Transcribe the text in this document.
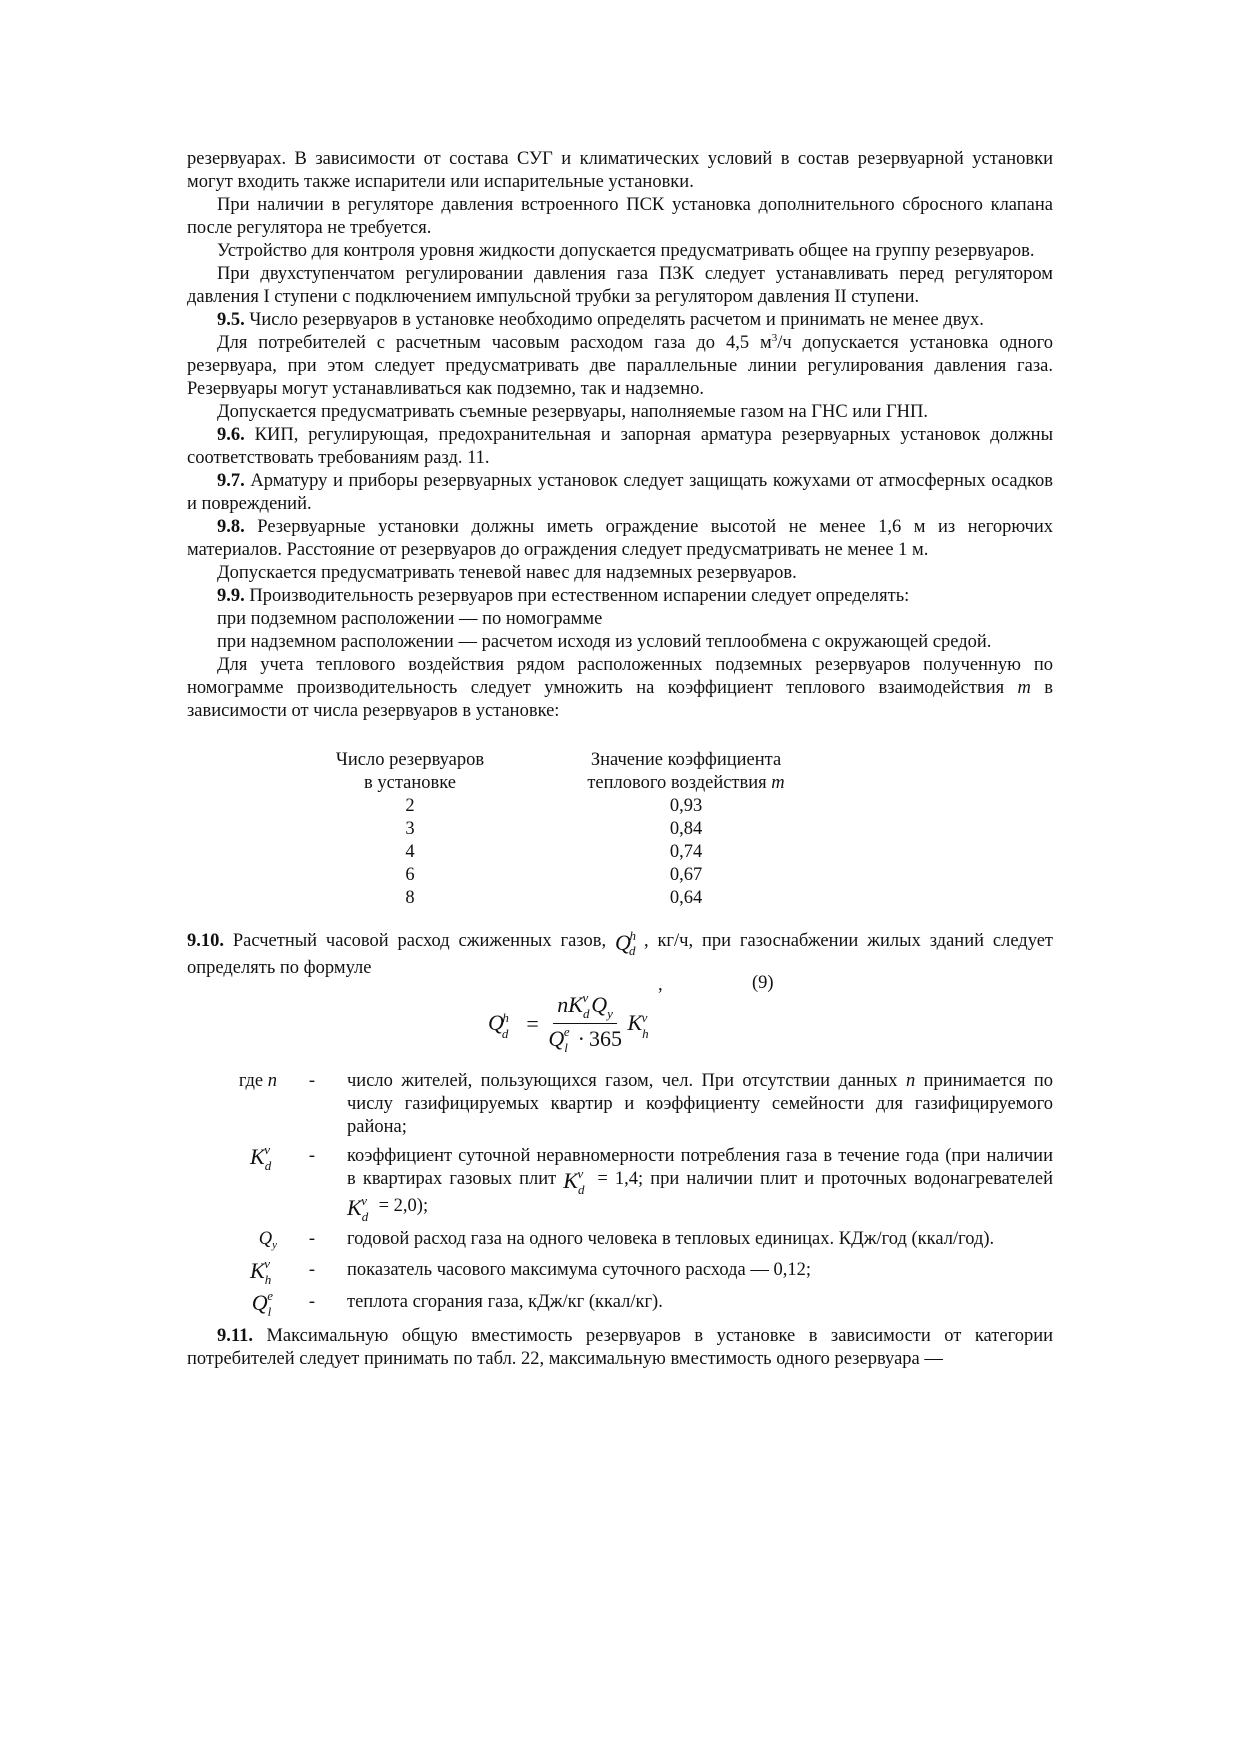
резервуарах. В зависимости от состава СУГ и климатических условий в состав резервуарной установки могут входить также испарители или испарительные установки.

При наличии в регуляторе давления встроенного ПСК установка дополнительного сбросного клапана после регулятора не требуется.

Устройство для контроля уровня жидкости допускается предусматривать общее на группу резервуаров.

При двухступенчатом регулировании давления газа ПЗК следует устанавливать перед регулятором давления I ступени с подключением импульсной трубки за регулятором давления II ступени.

9.5. Число резервуаров в установке необходимо определять расчетом и принимать не менее двух.

Для потребителей с расчетным часовым расходом газа до 4,5 $м^3/ч$ допускается установка одного резервуара, при этом следует предусматривать две параллельные линии регулирования давления газа. Резервуары могут устанавливаться как подземно, так и надземно.

Допускается предусматривать съемные резервуары, наполняемые газом на ГНС или ГНП.

9.6. КИП, регулирующая, предохранительная и запорная арматура резервуарных установок должны соответствовать требованиям разд. 11.

9.7. Арматуру и приборы резервуарных установок следует защищать кожухами от атмосферных осадков и повреждений.

9.8. Резервуарные установки должны иметь ограждение высотой не менее 1,6 м из негорючих материалов. Расстояние от резервуаров до ограждения следует предусматривать не менее 1 м.

Допускается предусматривать теневой навес для надземных резервуаров.

9.9. Производительность резервуаров при естественном испарении следует определять:

при подземном расположении — по номограмме

при надземном расположении — расчетом исходя из условий теплообмена с окружающей средой.

Для учета теплового воздействия рядом расположенных подземных резервуаров полученную по номограмме производительность следует умножить на коэффициент теплового взаимодействия m в зависимости от числа резервуаров в установке:

Число резервуаров	Значение коэффициента
в установке	теплового воздействия m
2	0,93
3	0,84
4	0,74
6	0,67
8	0,64

9.10. Расчетный часовой расход сжиженных газов, $Q_d^h$ , кг/ч, при газоснабжении жилых зданий следует определять по формуле

,	(9)
$Q_d^h = \frac{nK_d^v Q_y}{Q_l^e \cdot 365} K_h^v$
где n	-	число жителей, пользующихся газом, чел. При отсутствии данных n принимается по числу газифицируемых квартир и коэффициенту семейности для газифицируемого района;
$K_d^v$	-	коэффициент суточной неравномерности потребления газа в течение года (при наличии в квартирах газовых плит $K_d^v = 1,4$; при наличии плит и проточных водонагревателей $K_d^v = 2,0$);
$Q_y$	-	годовой расход газа на одного человека в тепловых единицах. КДж/год (ккал/год).
$K_h^v$	-	показатель часового максимума суточного расхода — 0,12;
$Q_l^e$	-	теплота сгорания газа, кДж/кг (ккал/кг).

9.11. Максимальную общую вместимость резервуаров в установке в зависимости от категории потребителей следует принимать по табл. 22, максимальную вместимость одного резервуара —
